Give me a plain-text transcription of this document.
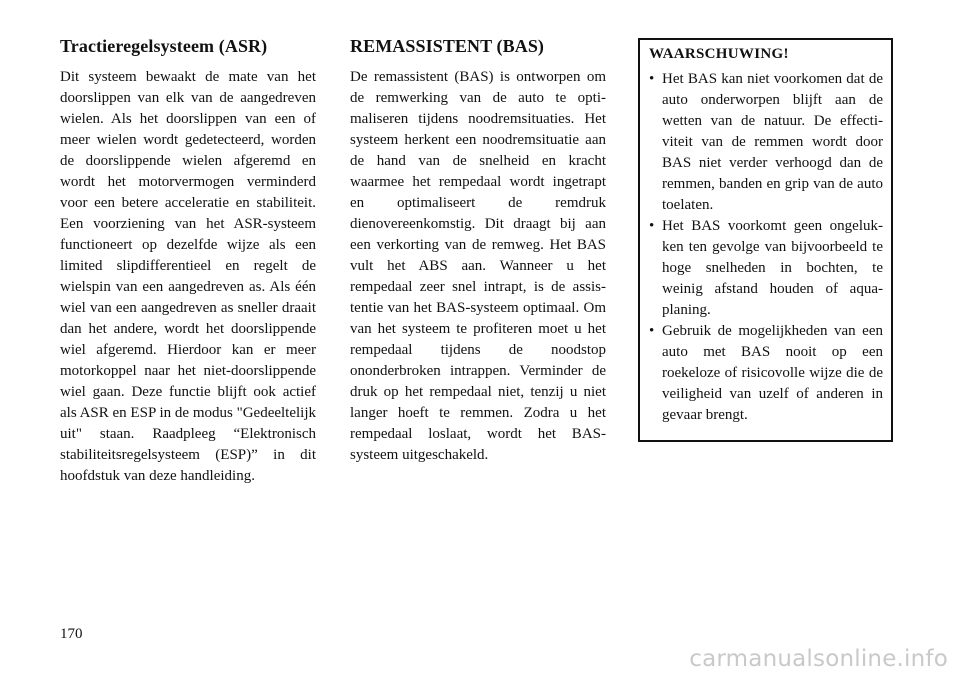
Tractieregelsysteem (ASR)

Dit systeem bewaakt de mate van het doorslippen van elk van de aangedreven wielen. Als het doorslippen van een of meer wielen wordt gedetecteerd, worden de doorslippende wielen afgeremd en wordt het motorvermogen verminderd voor een betere acceleratie en stabiliteit. Een voorziening van het ASR-systeem functioneert op dezelfde wijze als een limited slipdifferentieel en regelt de wielspin van een aangedreven as. Als één wiel van een aangedreven as sneller draait dan het andere, wordt het doorslippende wiel afgeremd. Hierdoor kan er meer motorkoppel naar het niet-doorslippende wiel gaan. Deze functie blijft ook actief als ASR en ESP in de modus "Gedeeltelijk uit" staan. Raadpleeg “Elektronisch stabiliteitsregelsysteem (ESP)” in dit hoofdstuk van deze handleiding.

REMASSISTENT (BAS)

De remassistent (BAS) is ontworpen om de remwerking van de auto te optimaliseren tijdens noodremsituaties. Het systeem herkent een noodremsituatie aan de hand van de snelheid en kracht waarmee het rempedaal wordt ingetrapt en optimaliseert de remdruk dienovereenkomstig. Dit draagt bij aan een verkorting van de remweg. Het BAS vult het ABS aan. Wanneer u het rempedaal zeer snel intrapt, is de assistentie van het BAS-systeem optimaal. Om van het systeem te profiteren moet u het rempedaal tijdens de noodstop ononderbroken intrappen. Verminder de druk op het rempedaal niet, tenzij u niet langer hoeft te remmen. Zodra u het rempedaal loslaat, wordt het BAS-systeem uitgeschakeld.

WAARSCHUWING!
• Het BAS kan niet voorkomen dat de auto onderworpen blijft aan de wetten van de natuur. De effectiviteit van de remmen wordt door BAS niet verder verhoogd dan de remmen, banden en grip van de auto toelaten.
• Het BAS voorkomt geen ongelukken ten gevolge van bijvoorbeeld te hoge snelheden in bochten, te weinig afstand houden of aquaplaning.
• Gebruik de mogelijkheden van een auto met BAS nooit op een roekeloze of risicovolle wijze die de veiligheid van uzelf of anderen in gevaar brengt.
170
carmanualsonline.info
